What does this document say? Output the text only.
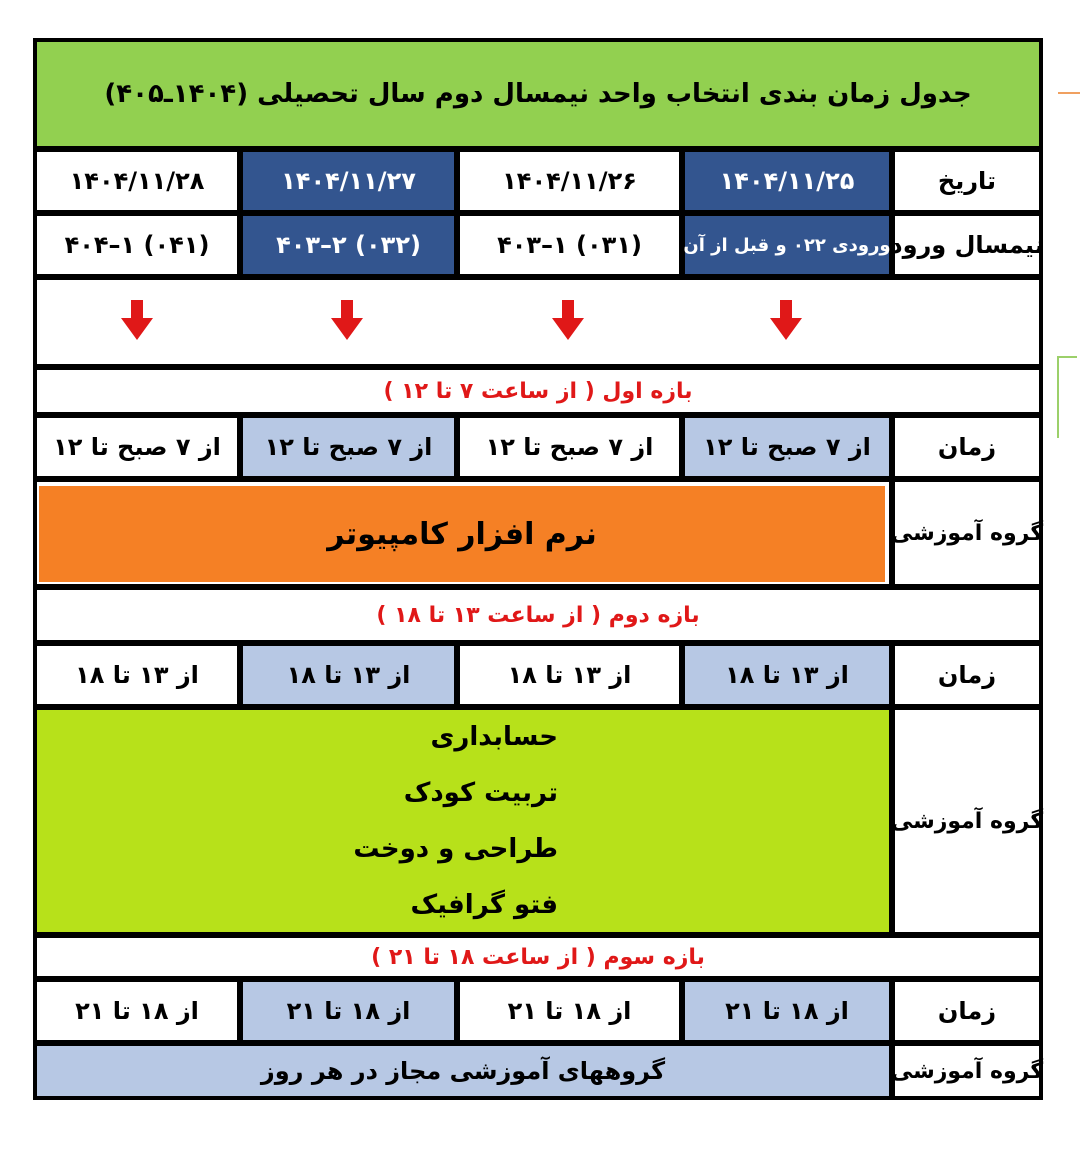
جدول زمان بندی انتخاب واحد نیمسال دوم سال تحصیلی (۱۴۰۴ـ۴۰۵)
تاریخ
۱۴۰۴/۱۱/۲۵
۱۴۰۴/۱۱/۲۶
۱۴۰۴/۱۱/۲۷
۱۴۰۴/۱۱/۲۸
نیمسال ورود
ورودی ۰۲۲ و قبل از آن
(۰۳۱) ۱–۴۰۳
(۰۳۲) ۲–۴۰۳
(۰۴۱) ۱–۴۰۴
بازه اول ( از ساعت ۷ تا ۱۲ )
زمان
از ۷ صبح تا ۱۲
از ۷ صبح تا ۱۲
از ۷ صبح تا ۱۲
از ۷ صبح تا ۱۲
گروه آموزشی
نرم افزار کامپیوتر
بازه دوم ( از ساعت ۱۳ تا ۱۸ )
زمان
از ۱۳ تا ۱۸
از ۱۳ تا ۱۸
از ۱۳ تا ۱۸
از ۱۳ تا ۱۸
گروه آموزشی
حسابداری
تربیت کودک
طراحی و دوخت
فتو گرافیک
بازه سوم ( از ساعت ۱۸ تا ۲۱ )
زمان
از ۱۸ تا ۲۱
از ۱۸ تا ۲۱
از ۱۸ تا ۲۱
از ۱۸ تا ۲۱
گروه آموزشی
گروههای آموزشی مجاز در هر روز
